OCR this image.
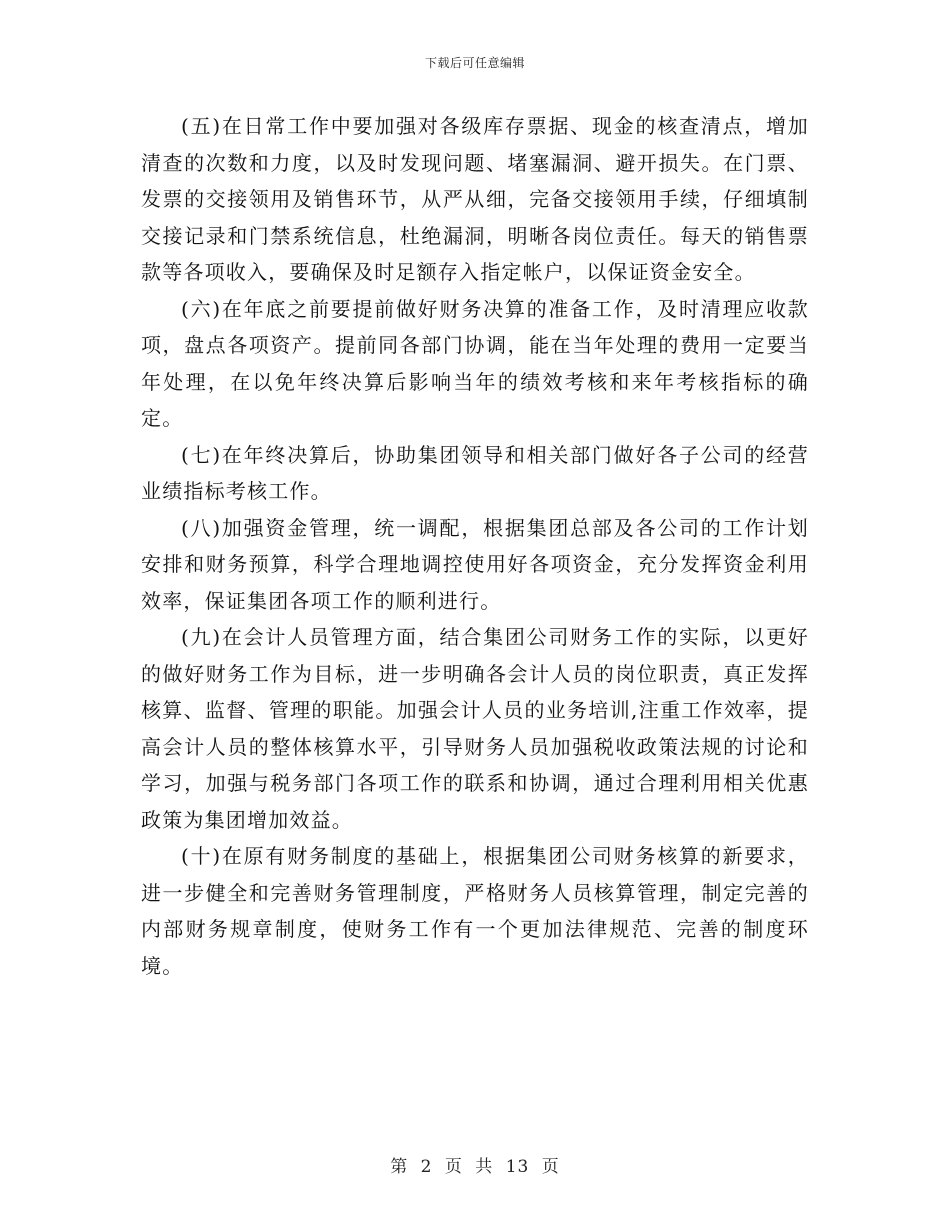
下载后可任意编辑

(五)在日常工作中要加强对各级库存票据、现金的核查清点，增加清查的次数和力度，以及时发现问题、堵塞漏洞、避开损失。在门票、发票的交接领用及销售环节，从严从细，完备交接领用手续，仔细填制交接记录和门禁系统信息，杜绝漏洞，明晰各岗位责任。每天的销售票款等各项收入，要确保及时足额存入指定帐户，以保证资金安全。

(六)在年底之前要提前做好财务决算的准备工作，及时清理应收款项，盘点各项资产。提前同各部门协调，能在当年处理的费用一定要当年处理，在以免年终决算后影响当年的绩效考核和来年考核指标的确定。

(七)在年终决算后，协助集团领导和相关部门做好各子公司的经营业绩指标考核工作。

(八)加强资金管理，统一调配，根据集团总部及各公司的工作计划安排和财务预算，科学合理地调控使用好各项资金，充分发挥资金利用效率，保证集团各项工作的顺利进行。

(九)在会计人员管理方面，结合集团公司财务工作的实际，以更好的做好财务工作为目标，进一步明确各会计人员的岗位职责，真正发挥核算、监督、管理的职能。加强会计人员的业务培训,注重工作效率，提高会计人员的整体核算水平，引导财务人员加强税收政策法规的讨论和学习，加强与税务部门各项工作的联系和协调，通过合理利用相关优惠政策为集团增加效益。

(十)在原有财务制度的基础上，根据集团公司财务核算的新要求，进一步健全和完善财务管理制度，严格财务人员核算管理，制定完善的内部财务规章制度，使财务工作有一个更加法律规范、完善的制度环境。

第 2 页 共 13 页
